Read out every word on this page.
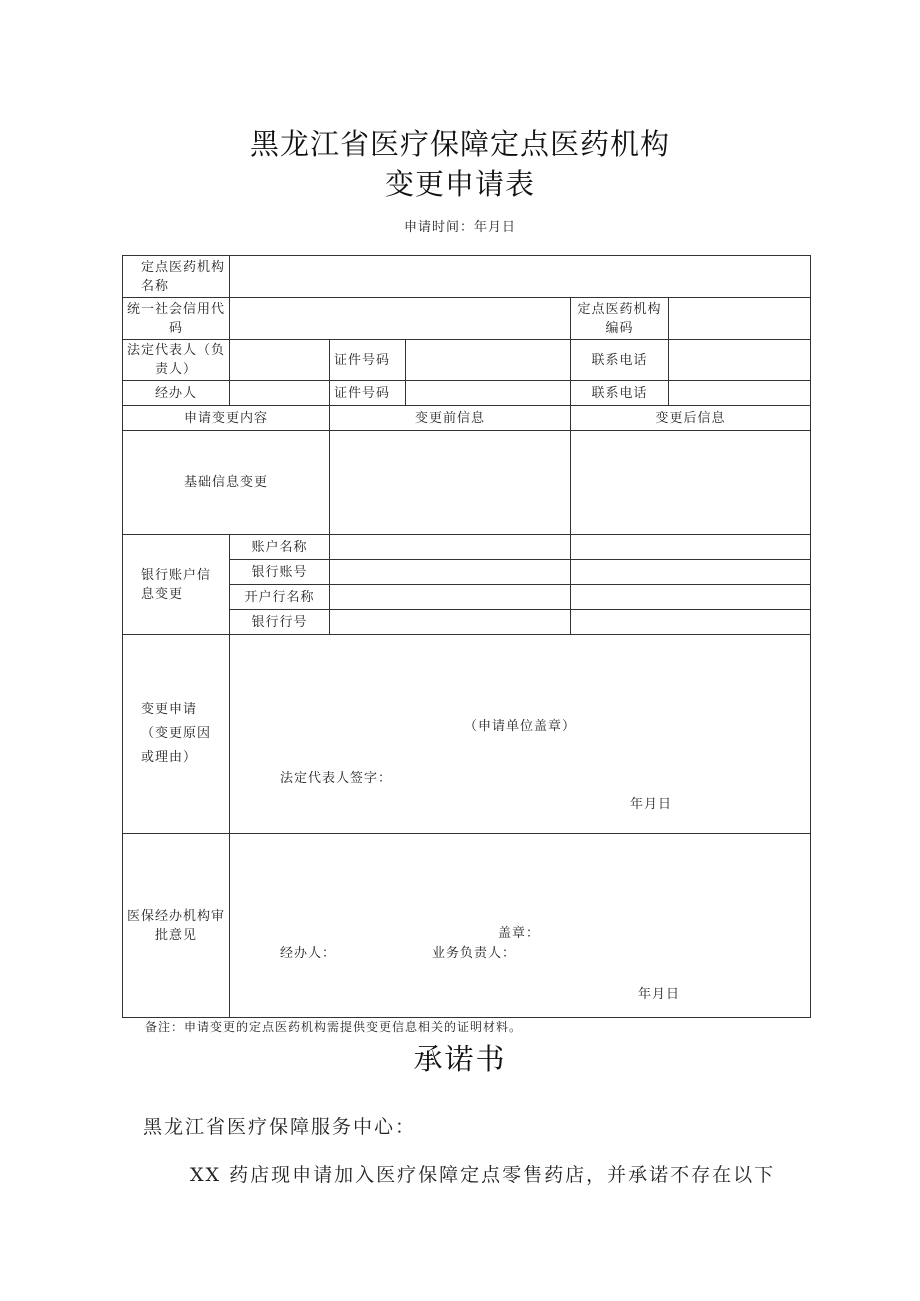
黑龙江省医疗保障定点医药机构
变更申请表
申请时间：年月日
定点医药机构名称					
统一社会信用代码				定点医药机构编码	
法定代表人（负责人）		证件号码		联系电话	
经办人		证件号码		联系电话	
申请变更内容		变更前信息		变更后信息	
基础信息变更					
银行账户信息变更	账户名称				
	银行账号				
	开户行名称				
	银行行号				
变更申请（变更原因或理由）	（申请单位盖章）
法定代表人签字：
年月日				

医保经办机构审批意见	盖章：
经办人： 业务负责人：
年月日				
备注：申请变更的定点医药机构需提供变更信息相关的证明材料。
承诺书
黑龙江省医疗保障服务中心：
XX 药店现申请加入医疗保障定点零售药店，并承诺不存在以下
